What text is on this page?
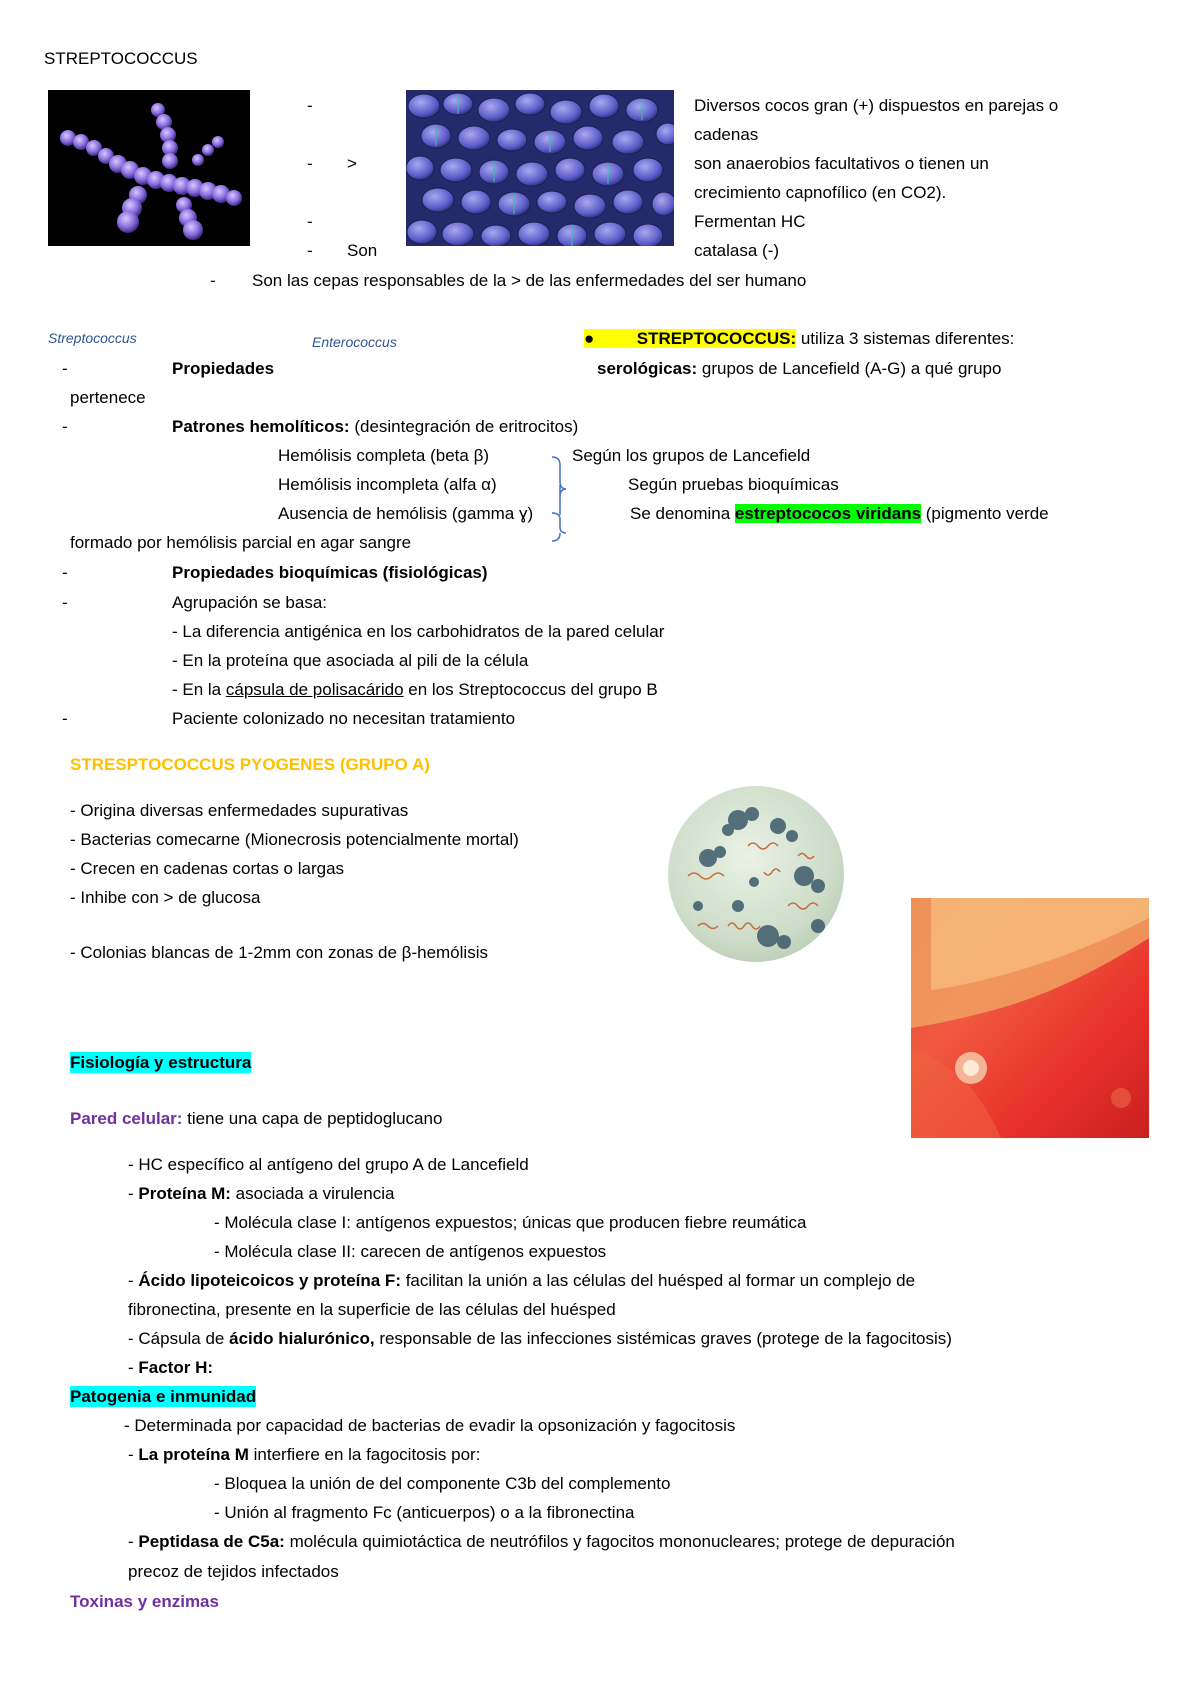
STREPTOCOCCUS
-
- >
-
- Son
Diversos cocos gran (+) dispuestos en parejas o
cadenas
son anaerobios facultativos o tienen un
crecimiento capnofílico (en CO2).
Fermentan HC
catalasa (-)
- Son las cepas responsables de la > de las enfermedades del ser humano
Streptococcus	Enterococcus	●	STREPTOCOCCUS: utiliza 3 sistemas diferentes:
serológicas: grupos de Lancefield (A-G) a qué grupo
-	Propiedades
pertenece
-	Patrones hemolíticos: (desintegración de eritrocitos)
Hemólisis completa (beta β)
Hemólisis incompleta (alfa α)
Ausencia de hemólisis (gamma ɣ)
Según los grupos de Lancefield
Según pruebas bioquímicas
Se denomina estreptococos viridans (pigmento verde
formado por hemólisis parcial en agar sangre
-	Propiedades bioquímicas (fisiológicas)
-	Agrupación se basa:
- La diferencia antigénica en los carbohidratos de la pared celular
- En la proteína que asociada al pili de la célula
- En la cápsula de polisacárido en los Streptococcus del grupo B
-	Paciente colonizado no necesitan tratamiento
STRESPTOCOCCUS PYOGENES (GRUPO A)
- Origina diversas enfermedades supurativas
- Bacterias comecarne (Mionecrosis potencialmente mortal)
- Crecen en cadenas cortas o largas
- Inhibe con > de glucosa
- Colonias blancas de 1-2mm con zonas de β-hemólisis
Fisiología y estructura
Pared celular: tiene una capa de peptidoglucano
- HC específico al antígeno del grupo A de Lancefield
- Proteína M: asociada a virulencia
- Molécula clase I: antígenos expuestos; únicas que producen fiebre reumática
- Molécula clase II: carecen de antígenos expuestos
- Ácido lipoteicoicos y proteína F: facilitan la unión a las células del huésped al formar un complejo de
fibronectina, presente en la superficie de las células del huésped
- Cápsula de ácido hialurónico, responsable de las infecciones sistémicas graves (protege de la fagocitosis)
- Factor H:
Patogenia e inmunidad
- Determinada por capacidad de bacterias de evadir la opsonización y fagocitosis
- La proteína M interfiere en la fagocitosis por:
- Bloquea la unión de del componente C3b del complemento
- Unión al fragmento Fc (anticuerpos) o a la fibronectina
- Peptidasa de C5a: molécula quimiotáctica de neutrófilos y fagocitos mononucleares; protege de depuración
precoz de tejidos infectados
Toxinas y enzimas
